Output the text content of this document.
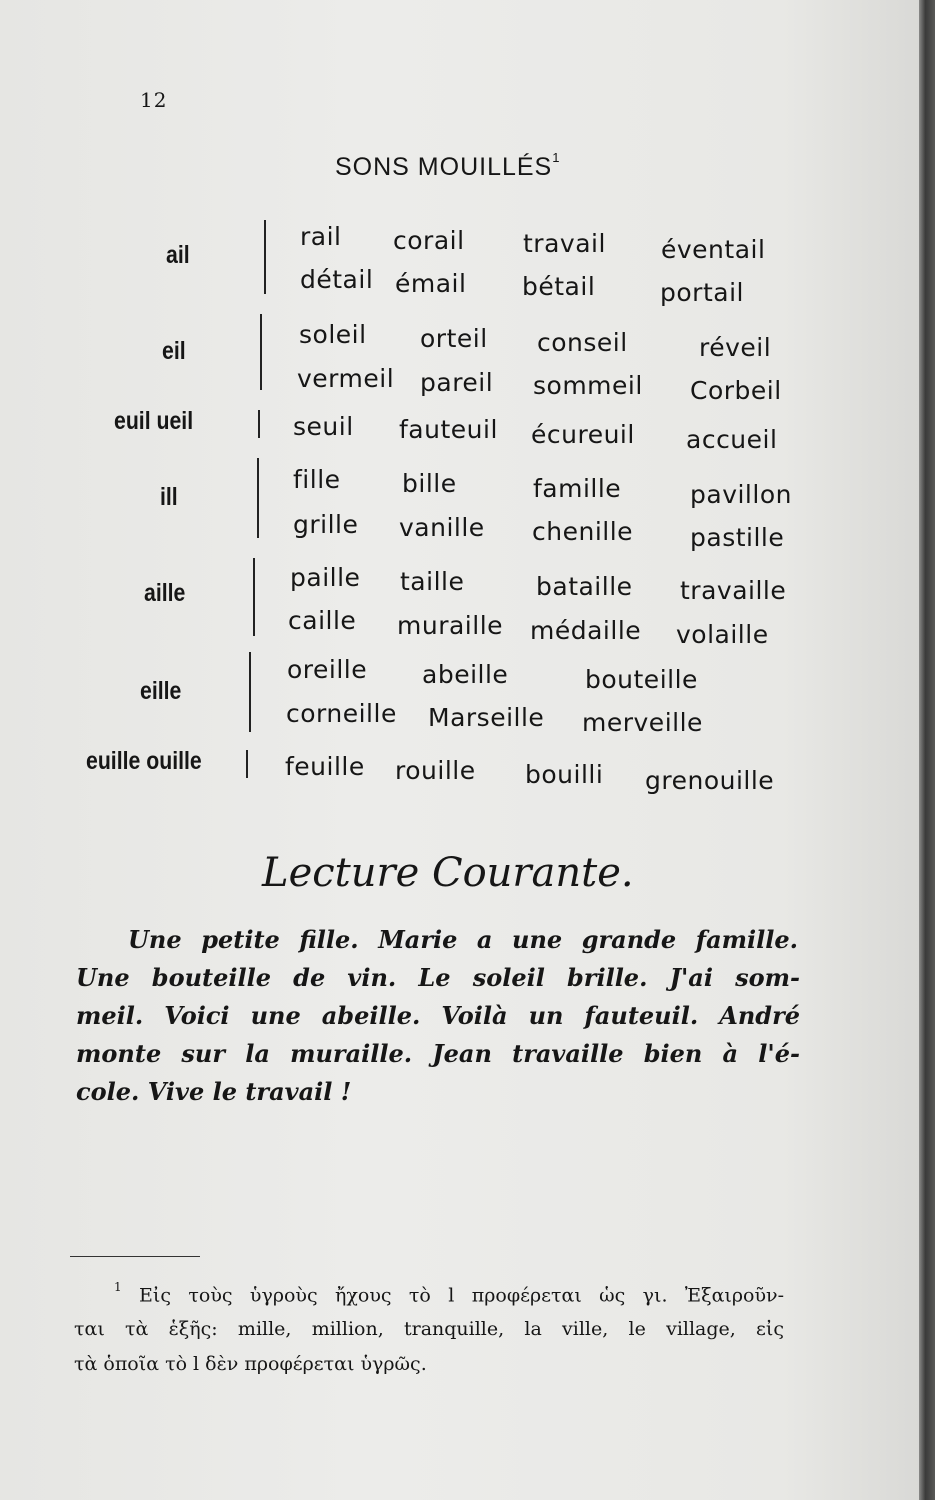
12
SONS MOUILLÉS$^1$
ail
rail corail travail éventail
détail émail bétail	portail
eil
soleil orteil conseil	réveil
vermeil pareil sommeil Corbeil
euil ueil	seuil fauteuil écureuil accueil
ill
fille bille	famille	pavillon
grille vanille chenille pastille
aille
paille taille	bataille travaille
caille muraille médaille volaille
eille
oreille abeille	bouteille
corneille Marseille merveille
euille ouille	feuille rouille bouilli grenouille
Lecture Courante.
Une petite fille. Marie a une grande famille.
Une bouteille de vin. Le soleil brille. J'ai som-
meil. Voici une abeille. Voilà un fauteuil. André
monte sur la muraille. Jean travaille bien à l'é-
cole. Vive le travail !
$^1$ Εἰς τοὺς ὑγροὺς ἤχους τὸ l προφέρεται ὡς γι. Ἐξαιροῦν-
ται τὰ ἑξῆς: mille, million, tranquille, la ville, le village, εἰς
τὰ ὁποῖα τὸ l δὲν προφέρεται ὑγρῶς.
